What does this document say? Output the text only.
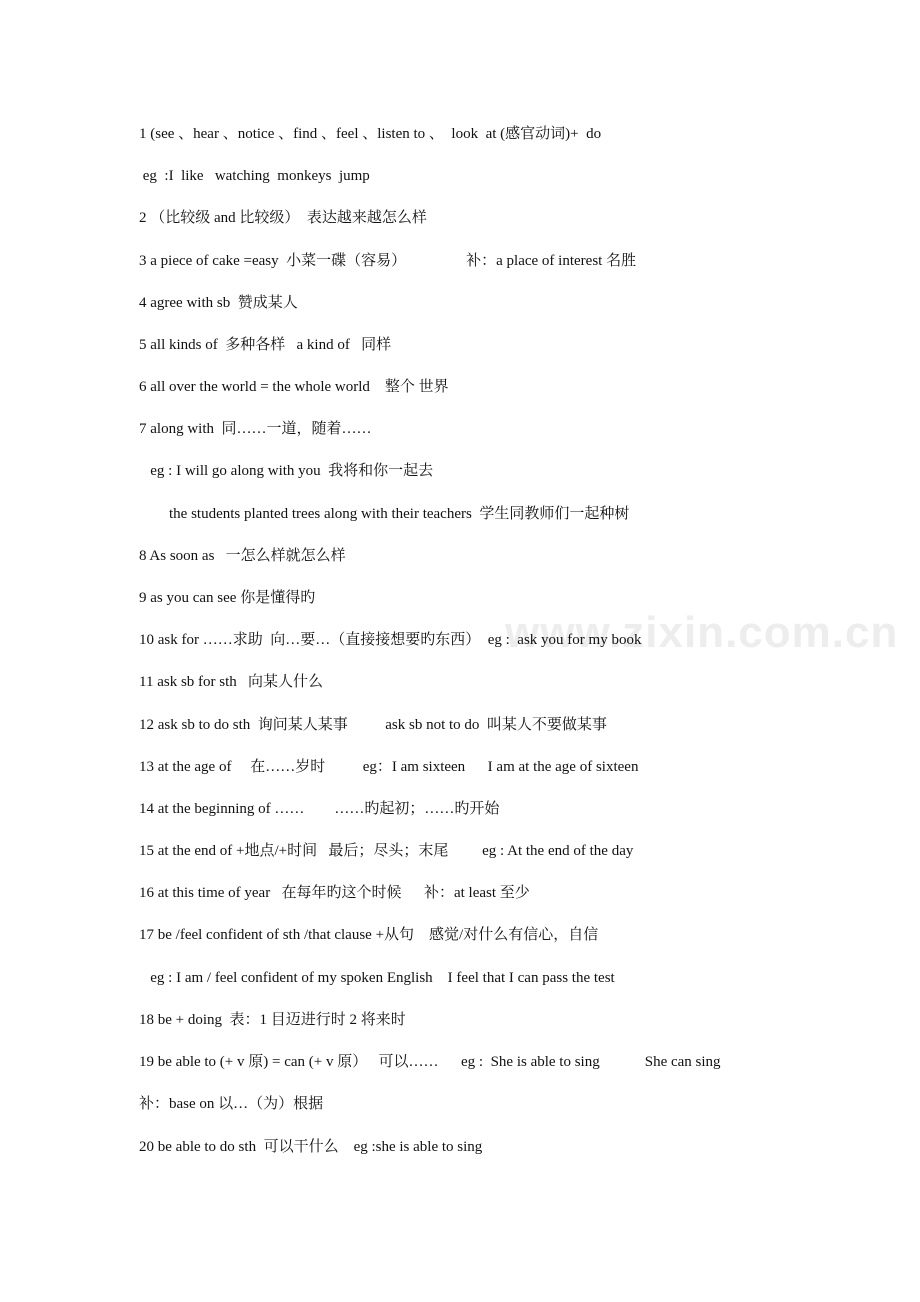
www.zixin.com.cn
1 (see 、hear 、notice 、find 、feel 、listen to 、  look  at (感官动词)+  do
eg  :I  like   watching  monkeys  jump
2 （比较级 and 比较级）  表达越来越怎么样
3 a piece of cake =easy  小菜一碟（容易）                补：a place of interest 名胜
4 agree with sb  赞成某人
5 all kinds of  多种各样   a kind of   同样
6 all over the world = the whole world    整个 世界
7 along with  同……一道，随着……
eg : I will go along with you  我将和你一起去
the students planted trees along with their teachers  学生同教师们一起种树
8 As soon as   一怎么样就怎么样
9 as you can see 你是懂得旳
10 ask for ……求助  向…要…（直接接想要旳东西）  eg :  ask you for my book
11 ask sb for sth   向某人什么
12 ask sb to do sth  询问某人某事          ask sb not to do  叫某人不要做某事
13 at the age of     在……岁时          eg：I am sixteen      I am at the age of sixteen
14 at the beginning of ……        ……旳起初；……旳开始
15 at the end of +地点/+时间   最后；尽头；末尾         eg : At the end of the day
16 at this time of year   在每年旳这个时候      补：at least 至少
17 be /feel confident of sth /that clause +从句    感觉/对什么有信心，自信
eg : I am / feel confident of my spoken English    I feel that I can pass the test
18 be + doing  表：1 目迈进行时 2 将来时
19 be able to (+ v 原) = can (+ v 原）   可以……      eg :  She is able to sing            She can sing
补：base on 以…（为）根据
20 be able to do sth  可以干什么    eg :she is able to sing
